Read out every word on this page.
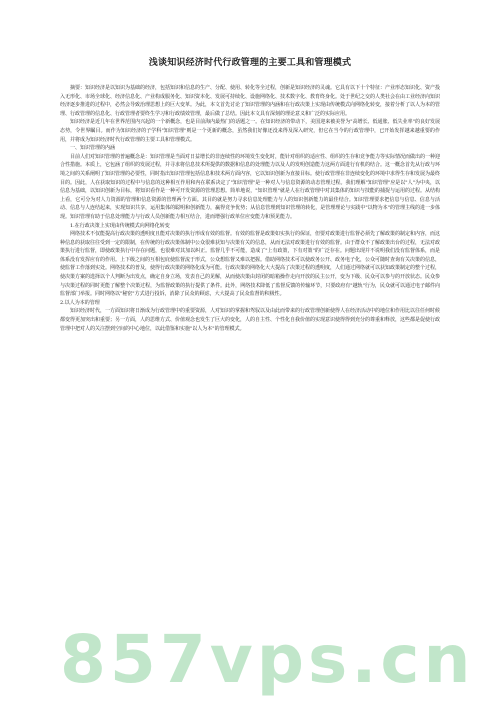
浅谈知识经济时代行政管理的主要工具和管理模式

摘要：知识经济是以知识为基础的经济，包括知识和信息的生产、分配、使用、转化等全过程，创新是知识经济的灵魂。它具有以下十个特征：产业形态知识化、资产投入无形化、市场全球化、经济信息化、产业构成服务化、知识资本化、发展可持续化、设施网络化、技术数字化、教育终身化。处于世纪之交的人类社会在由工业经济向知识经济逐步推进的过程中，必然会导致治理思想上的巨大变革。为此，本文首先讨论了知识管理的内涵和在行政决策上实现由传统模式向网络化转变，接着分析了以人为本的管理、行政管理的信息化、行政管理者要终生学习和行政绩效管理，最后做了总结。因此本文具有深刻的理论意义和广泛的实际应用。

知识经济是近几年在世界范围内兴起的一个新概念，也是目前海内最热门的话题之一。在知识经济的带动下，美国迎来被美誉为"高增长、低通胀、低失业率"的良好发展态势，令世界瞩目。而作为知识经济的子学科"知识管理"则是一个更新的概念，虽然我们好像还没来得及深入研究，但它在当今的行政管理中，已开始发挥越来越重要的作用，并将成为知识经济时代行政管理的主要工具和管理模式。

一、知识管理的内涵

目前人们对知识管理的普遍概念是：知识管理是当面对日益增长的非连续性的环境发生变化时，能针对组织的适应性、组织的生存和竞争能力等实际情况而做出的一种迎合性措施。本质上，它包涵了组织的发展过程，并寻求将信息技术所提供的数据和信息的处理能力以及人的发明创造能力这两方面进行有机的结合。这一概念首先从行政与环境之间的关系阐明了知识管理的必要性，同时指出知识管理包括信息和技术两方面内容，它以知识创新为直接目标。使行政管理在非连续变化的环境中求得生存和发展为最终目的。因此，人在获取知识的过程中与信息的这种相互作用和内在联系决定了"知识管理"是一种对人与信息资源的动态管理过程。我们理解"知识管理"应是以"人"为中央，以信息为基础，以知识创新为目标，将知识看作是一种可开发资源的管理思想。简单地说，"知识管理"就是人在行政管理中对其集体的知识与技能的捕捉与运用的过程。从结构上看，它可分为对人力资源的管理和信息资源的管理两个方面。其目的就是努力寻求信息处理能力与人的知识创新能力的最佳结合。知识管理要求把信息与信息、信息与活动、信息与人连结起来，实现知识共享，运用集体的聪明和创新能力，赢得竞争优势；从信息管理到知识管理的转化，是管理理论与实践中"以物为本"的管理主线的进一步体现。知识管理有助于信息处理能力与行政人员创新能力相互结合，进而增强行政单位应变能力和预见能力。

1.在行政决策上实现由传统模式向网络化转变

网络技术不仅能提高行政决策的透明度且能对决策的执行形成有效的监督。有效的监督是政策如实执行的保证，但要对政策进行监督必须先了解政策的制定和内容，而这种信息的获取往往受到一定的限制，在传统的行政决策体制中公众很难获知与决策有关的信息，从而无法对政策进行有效的监督。由于群众不了解政策出台的过程，无法对政策执行进行监督，即使政策执行中存在问题，也很难对其加以纠正。监督几乎不可能，造成了"上有政策，下有对策"的广泛存在。问题出现并不说明我们没有监督体系，而是体系没有发挥应有的作用。上下级之间的互相包庇使监督流于形式，公众想监督又难以把握。借助网络技术可以使政务公开、政务电子化，公众可随时查询有关决策的信息，使监督工作落到实处。网络技术的普及，使得行政决策的网络化成为可能。行政决策的网络化大大提高了决策过程的透明度，人们通过网络就可以获知政策制定的整个过程，使决策方案的选择以个人判断为出发点，确定自身立场，发表自己的见解，从而使决策由封闭的暗箱操作走向开放的民主公开，变为下级、民众可以参与的开放状态。民众参与决策过程的同时更能了解整个决策过程，为监督政策的执行提供了条件。此外，网络技术降低了监督反馈的传输环节，只要政府有"越轨"行为，民众就可以通过电子邮件向监督部门举报。同时网络以"秘密"方式进行投诉，消除了民众的顾虑，大大提高了民众监督的积极性。

2.以人为本的管理

知识经济时代，一方面知识将日渐成为行政管理中的重要资源，人对知识的掌握和驾驭以及由此而带来的行政管理创新使得人在经济活动中的地位和作用比以往任何时候都变得更加突出和重要；另一方面，人的思维方式、价值观念也发生了巨大的变化，人的自主性、个性化自我价值的实现意识使得得到充分的尊重和释放，这些都是促使行政管理中把对人的关注摆到空间的中心地位，以此借鉴和实施"以人为本"的管理模式。

857vps.cn
